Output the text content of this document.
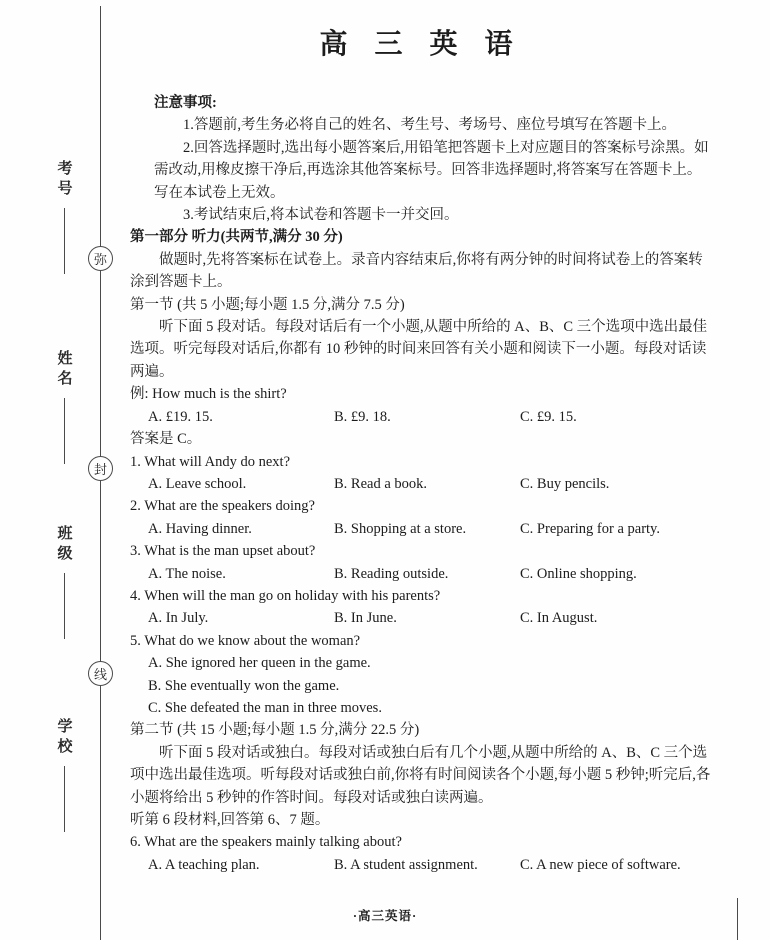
考号
姓名
班级
学校
弥
封
线
高 三 英 语

注意事项:

1.答题前,考生务必将自己的姓名、考生号、考场号、座位号填写在答题卡上。

2.回答选择题时,选出每小题答案后,用铅笔把答题卡上对应题目的答案标号涂黑。如需改动,用橡皮擦干净后,再选涂其他答案标号。回答非选择题时,将答案写在答题卡上。写在本试卷上无效。

3.考试结束后,将本试卷和答题卡一并交回。

第一部分 听力(共两节,满分 30 分)

做题时,先将答案标在试卷上。录音内容结束后,你将有两分钟的时间将试卷上的答案转涂到答题卡上。

第一节 (共 5 小题;每小题 1.5 分,满分 7.5 分)

听下面 5 段对话。每段对话后有一个小题,从题中所给的 A、B、C 三个选项中选出最佳选项。听完每段对话后,你都有 10 秒钟的时间来回答有关小题和阅读下一小题。每段对话读两遍。

例: How much is the shirt?

A. £19. 15.	B. £9. 18.	C. £9. 15.

答案是 C。

1. What will Andy do next?

A. Leave school.	B. Read a book.	C. Buy pencils.

2. What are the speakers doing?

A. Having dinner.	B. Shopping at a store.	C. Preparing for a party.

3. What is the man upset about?

A. The noise.	B. Reading outside.	C. Online shopping.

4. When will the man go on holiday with his parents?

A. In July.	B. In June.	C. In August.

5. What do we know about the woman?

A. She ignored her queen in the game.
B. She eventually won the game.
C. She defeated the man in three moves.

第二节 (共 15 小题;每小题 1.5 分,满分 22.5 分)

听下面 5 段对话或独白。每段对话或独白后有几个小题,从题中所给的 A、B、C 三个选项中选出最佳选项。听每段对话或独白前,你将有时间阅读各个小题,每小题 5 秒钟;听完后,各小题将给出 5 秒钟的作答时间。每段对话或独白读两遍。

听第 6 段材料,回答第 6、7 题。

6. What are the speakers mainly talking about?

A. A teaching plan.	B. A student assignment.	C. A new piece of software.
·高三英语·
